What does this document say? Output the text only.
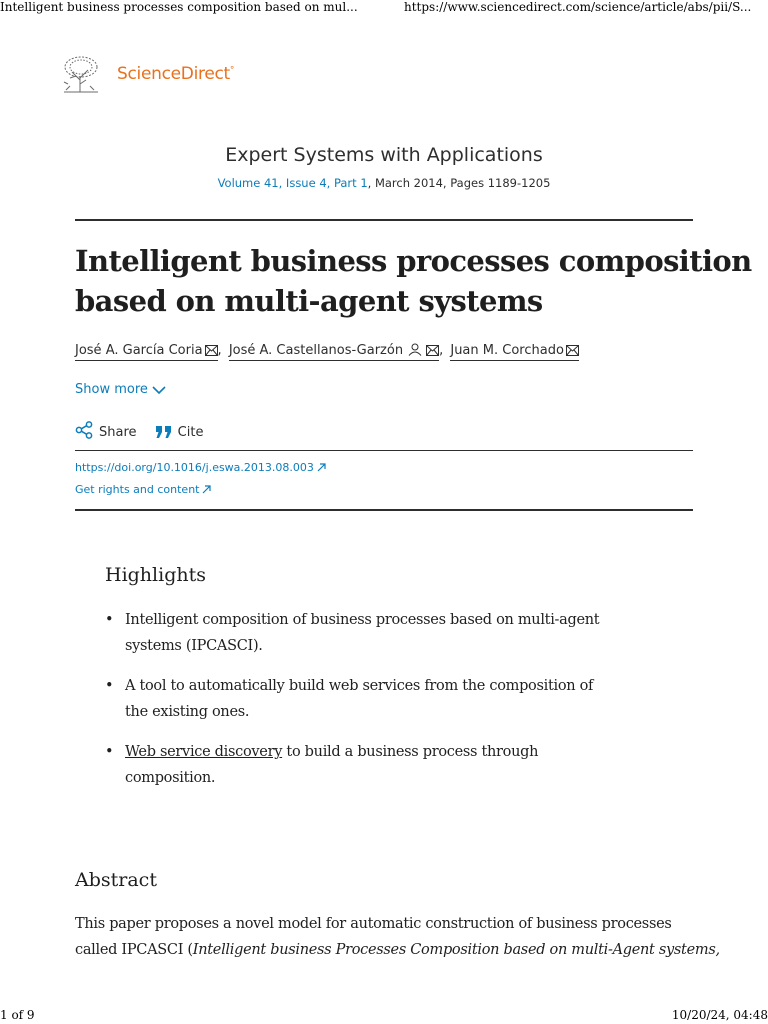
Intelligent business processes composition based on mul...	https://www.sciencedirect.com/science/article/abs/pii/S...
ScienceDirect°
Expert Systems with Applications
Volume 41, Issue 4, Part 1, March 2014, Pages 1189-1205
Intelligent business processes composition
based on multi-agent systems
José A. García Coria , José A. Castellanos-Garzón	, Juan M. Corchado
Show more
Share	Cite
https://doi.org/10.1016/j.eswa.2013.08.003
Get rights and content
Highlights
• Intelligent composition of business processes based on multi-agent
systems (IPCASCI).
• A tool to automatically build web services from the composition of
the existing ones.
• Web service discovery to build a business process through
composition.
Abstract
This paper proposes a novel model for automatic construction of business processes
called IPCASCI (Intelligent business Processes Composition based on multi-Agent systems,
1 of 9	10/20/24, 04:48
